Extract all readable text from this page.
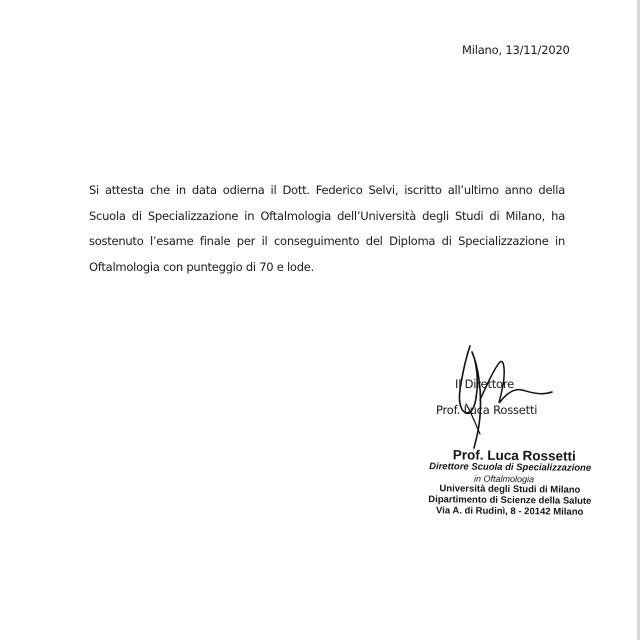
Milano, 13/11/2020
Si attesta che in data odierna il Dott. Federico Selvi, iscritto all’ultimo anno della Scuola di Specializzazione in Oftalmologia dell’Università degli Studi di Milano, ha sostenuto l’esame finale per il conseguimento del Diploma di Specializzazione in Oftalmologia con punteggio di 70 e lode.
Il Direttore
Prof. Luca Rossetti
Prof. Luca Rossetti
Direttore Scuola di Specializzazione
in Oftalmologia
Università degli Studi di Milano
Dipartimento di Scienze della Salute
Via A. di Rudinì, 8 - 20142 Milano
